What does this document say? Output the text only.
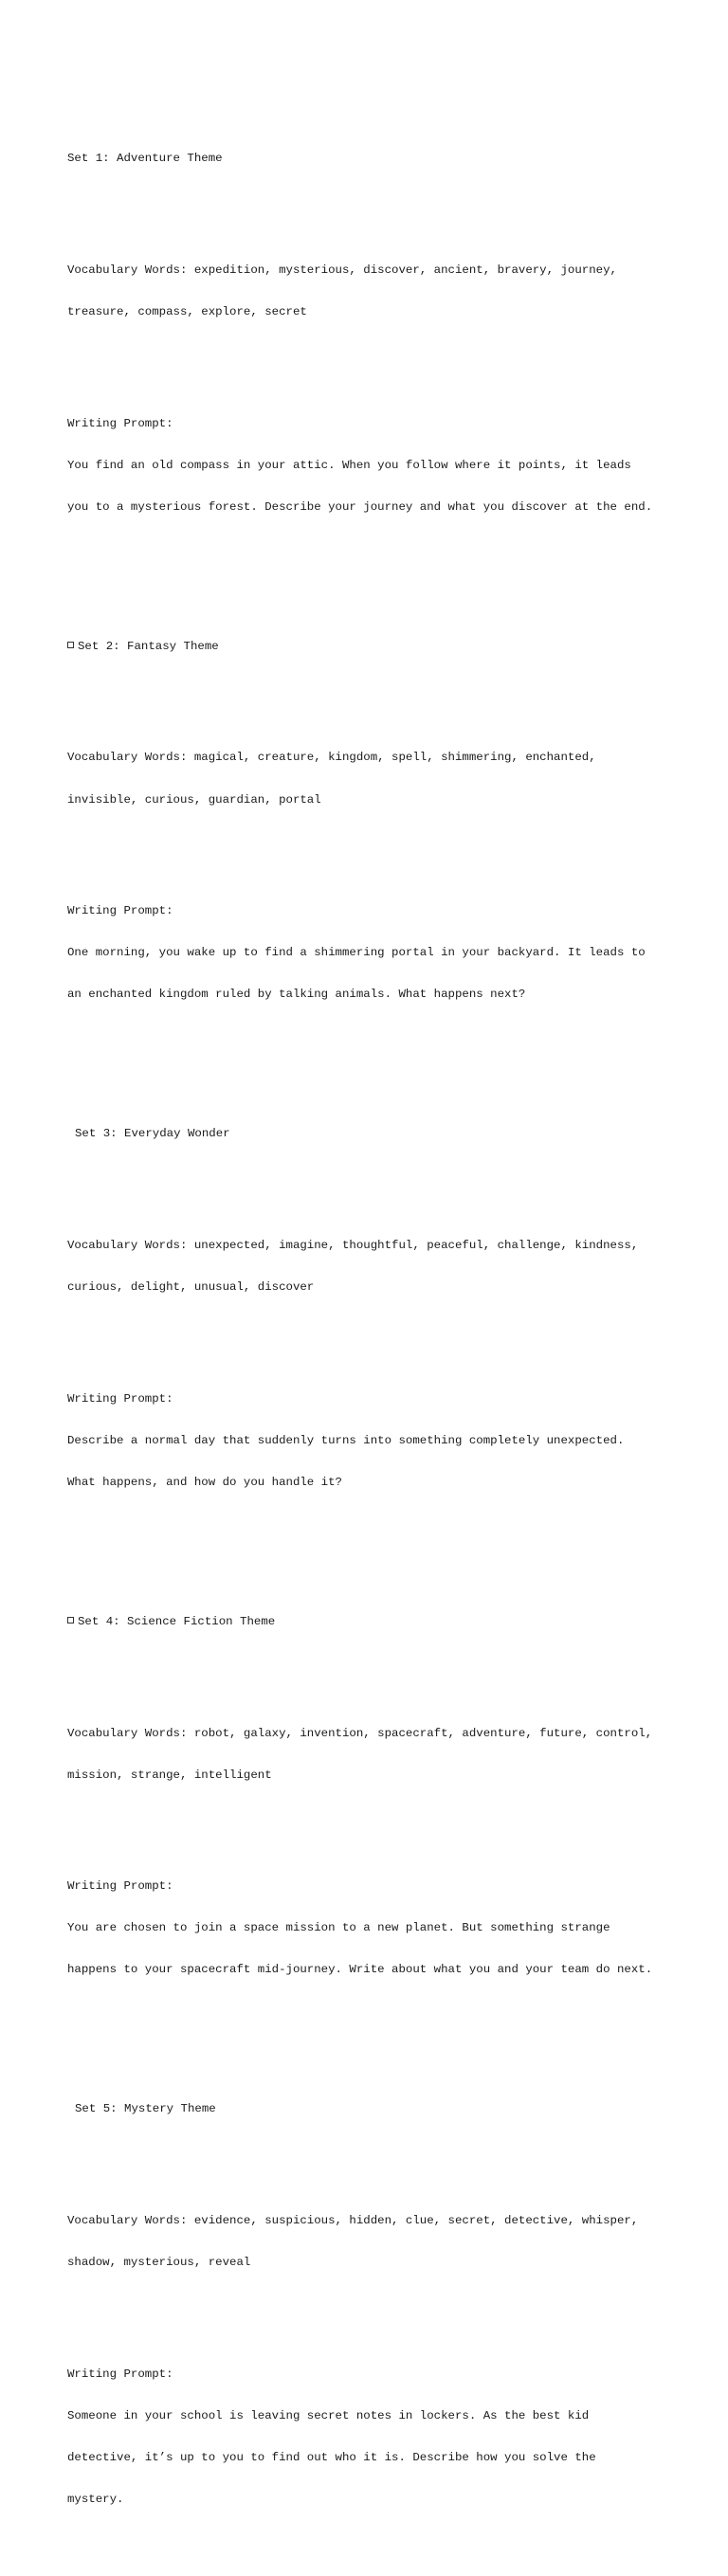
Set 1: Adventure Theme

Vocabulary Words: expedition, mysterious, discover, ancient, bravery, journey,

treasure, compass, explore, secret

Writing Prompt:

You find an old compass in your attic. When you follow where it points, it leads

you to a mysterious forest. Describe your journey and what you discover at the end.

Set 2: Fantasy Theme

Vocabulary Words: magical, creature, kingdom, spell, shimmering, enchanted,

invisible, curious, guardian, portal

Writing Prompt:

One morning, you wake up to find a shimmering portal in your backyard. It leads to

an enchanted kingdom ruled by talking animals. What happens next?

Set 3: Everyday Wonder

Vocabulary Words: unexpected, imagine, thoughtful, peaceful, challenge, kindness,

curious, delight, unusual, discover

Writing Prompt:

Describe a normal day that suddenly turns into something completely unexpected.

What happens, and how do you handle it?

Set 4: Science Fiction Theme

Vocabulary Words: robot, galaxy, invention, spacecraft, adventure, future, control,

mission, strange, intelligent

Writing Prompt:

You are chosen to join a space mission to a new planet. But something strange

happens to your spacecraft mid-journey. Write about what you and your team do next.

Set 5: Mystery Theme

Vocabulary Words: evidence, suspicious, hidden, clue, secret, detective, whisper,

shadow, mysterious, reveal

Writing Prompt:

Someone in your school is leaving secret notes in lockers. As the best kid

detective, it’s up to you to find out who it is. Describe how you solve the

mystery.
